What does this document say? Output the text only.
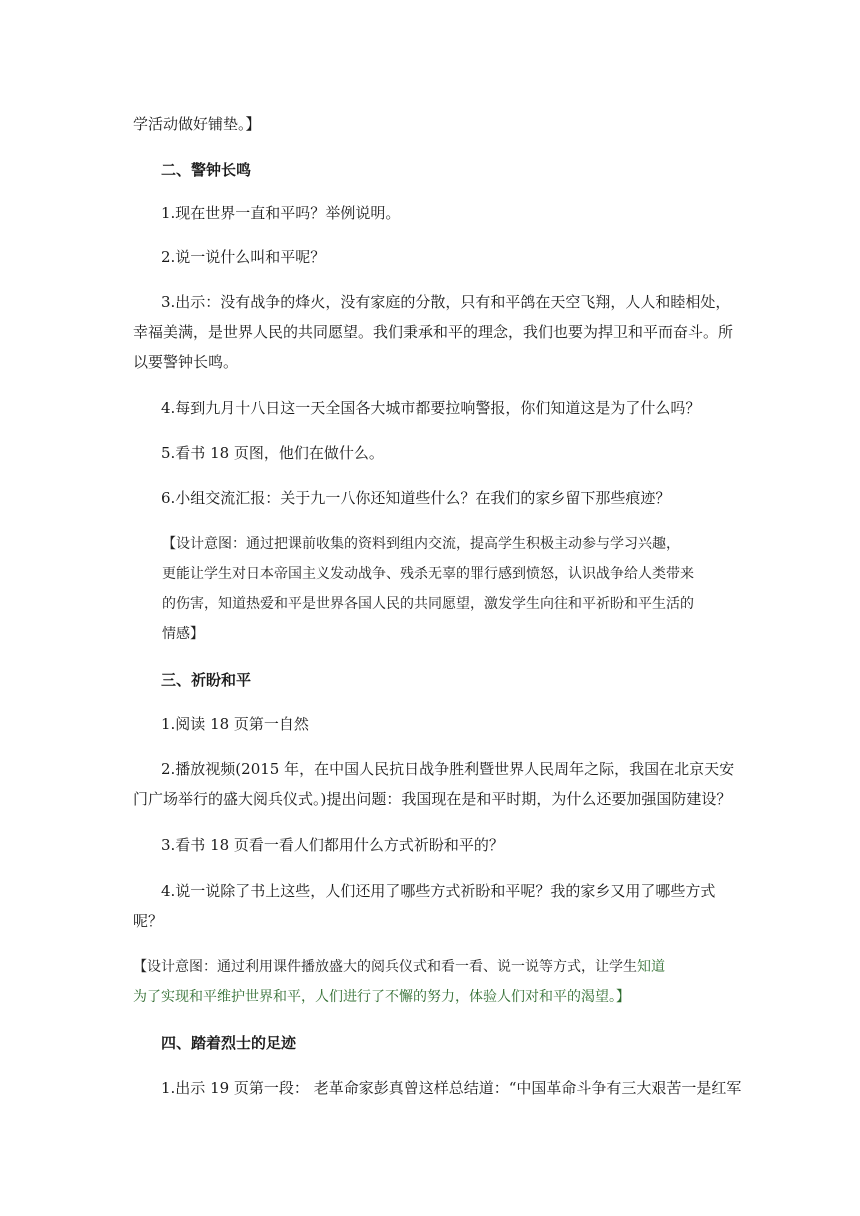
学活动做好铺垫。】
二、警钟长鸣
1.现在世界一直和平吗？举例说明。
2.说一说什么叫和平呢？
3.出示：没有战争的烽火，没有家庭的分散，只有和平鸽在天空飞翔，人人和睦相处，
幸福美满，是世界人民的共同愿望。我们秉承和平的理念，我们也要为捍卫和平而奋斗。所
以要警钟长鸣。
4.每到九月十八日这一天全国各大城市都要拉响警报，你们知道这是为了什么吗？
5.看书 18 页图，他们在做什么。
6.小组交流汇报：关于九一八你还知道些什么？在我们的家乡留下那些痕迹？
【设计意图：通过把课前收集的资料到组内交流，提高学生积极主动参与学习兴趣，
更能让学生对日本帝国主义发动战争、残杀无辜的罪行感到愤怒，认识战争给人类带来
的伤害，知道热爱和平是世界各国人民的共同愿望，激发学生向往和平祈盼和平生活的
情感】
三、祈盼和平
1.阅读 18 页第一自然
2.播放视频(2015 年，在中国人民抗日战争胜利暨世界人民周年之际，我国在北京天安
门广场举行的盛大阅兵仪式。)提出问题：我国现在是和平时期，为什么还要加强国防建设？
3.看书 18 页看一看人们都用什么方式祈盼和平的？
4.说一说除了书上这些，人们还用了哪些方式祈盼和平呢？我的家乡又用了哪些方式
呢？
【设计意图：通过利用课件播放盛大的阅兵仪式和看一看、说一说等方式，让学生知道
为了实现和平维护世界和平，人们进行了不懈的努力，体验人们对和平的渴望。】
四、踏着烈士的足迹
1.出示 19 页第一段： 老革命家彭真曾这样总结道：“中国革命斗争有三大艰苦一是红军
